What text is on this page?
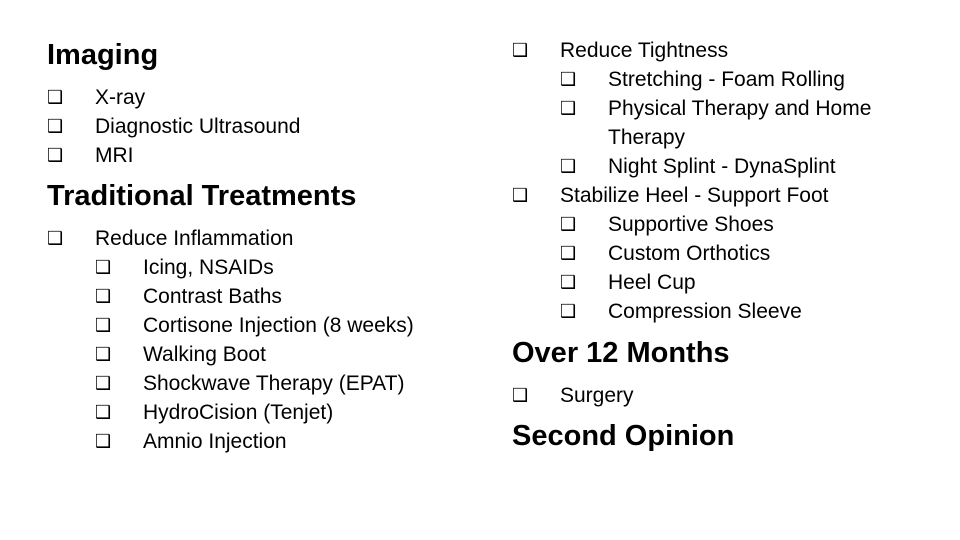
Imaging
❑ X-ray
❑ Diagnostic Ultrasound
❑ MRI
Traditional Treatments
❑ Reduce Inflammation
❑ Icing, NSAIDs
❑ Contrast Baths
❑ Cortisone Injection (8 weeks)
❑ Walking Boot
❑ Shockwave Therapy (EPAT)
❑ HydroCision (Tenjet)
❑ Amnio Injection
❑ Reduce Tightness
❑ Stretching - Foam Rolling
❑ Physical Therapy and Home
Therapy
❑ Night Splint - DynaSplint
❑ Stabilize Heel - Support Foot
❑ Supportive Shoes
❑ Custom Orthotics
❑ Heel Cup
❑ Compression Sleeve
Over 12 Months
❑ Surgery
Second Opinion
